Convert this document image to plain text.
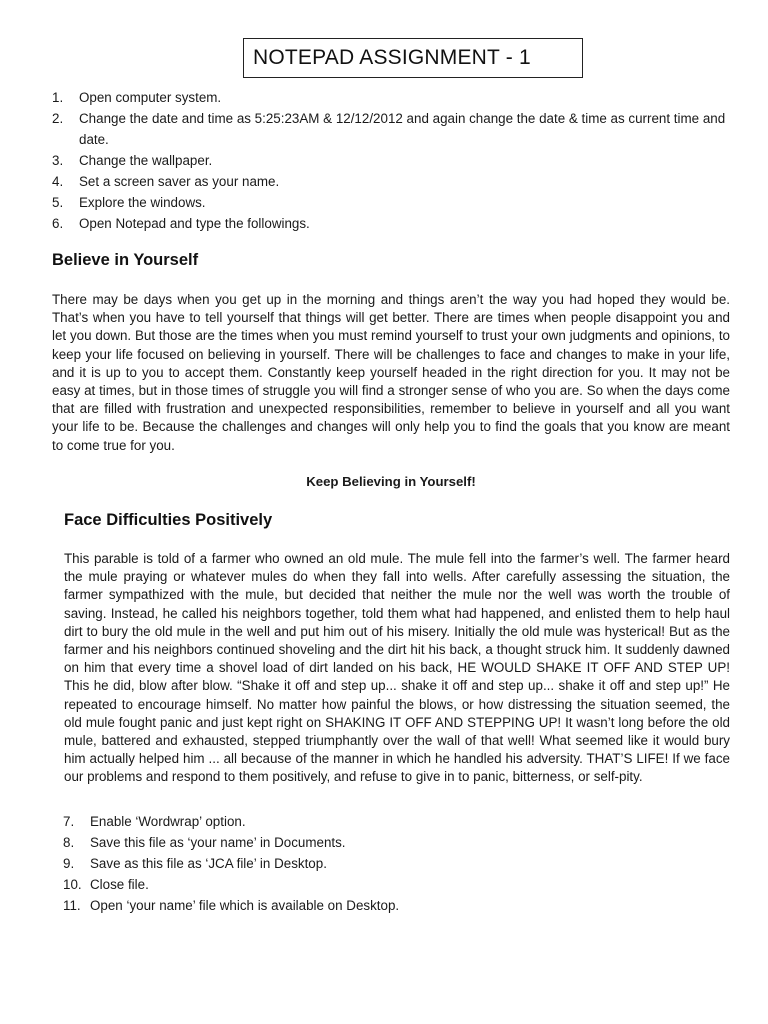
NOTEPAD ASSIGNMENT - 1
1. Open computer system.
2. Change the date and time as 5:25:23AM & 12/12/2012 and again change the date & time as current time and date.
3. Change the wallpaper.
4. Set a screen saver as your name.
5. Explore the windows.
6. Open Notepad and type the followings.
Believe in Yourself

There may be days when you get up in the morning and things aren’t the way you had hoped they would be. That’s when you have to tell yourself that things will get better. There are times when people disappoint you and let you down. But those are the times when you must remind yourself to trust your own judgments and opinions, to keep your life focused on believing in yourself. There will be challenges to face and changes to make in your life, and it is up to you to accept them. Constantly keep yourself headed in the right direction for you. It may not be easy at times, but in those times of struggle you will find a stronger sense of who you are. So when the days come that are filled with frustration and unexpected responsibilities, remember to believe in yourself and all you want your life to be. Because the challenges and changes will only help you to find the goals that you know are meant to come true for you.

Keep Believing in Yourself!
Face Difficulties Positively

This parable is told of a farmer who owned an old mule. The mule fell into the farmer’s well. The farmer heard the mule praying or whatever mules do when they fall into wells. After carefully assessing the situation, the farmer sympathized with the mule, but decided that neither the mule nor the well was worth the trouble of saving. Instead, he called his neighbors together, told them what had happened, and enlisted them to help haul dirt to bury the old mule in the well and put him out of his misery. Initially the old mule was hysterical! But as the farmer and his neighbors continued shoveling and the dirt hit his back, a thought struck him. It suddenly dawned on him that every time a shovel load of dirt landed on his back, HE WOULD SHAKE IT OFF AND STEP UP! This he did, blow after blow. “Shake it off and step up... shake it off and step up... shake it off and step up!” He repeated to encourage himself. No matter how painful the blows, or how distressing the situation seemed, the old mule fought panic and just kept right on SHAKING IT OFF AND STEPPING UP! It wasn’t long before the old mule, battered and exhausted, stepped triumphantly over the wall of that well! What seemed like it would bury him actually helped him ... all because of the manner in which he handled his adversity. THAT’S LIFE! If we face our problems and respond to them positively, and refuse to give in to panic, bitterness, or self-pity.

7. Enable ‘Wordwrap’ option.
8. Save this file as ‘your name’ in Documents.
9. Save as this file as ‘JCA file’ in Desktop.
10. Close file.
11. Open ‘your name’ file which is available on Desktop.
